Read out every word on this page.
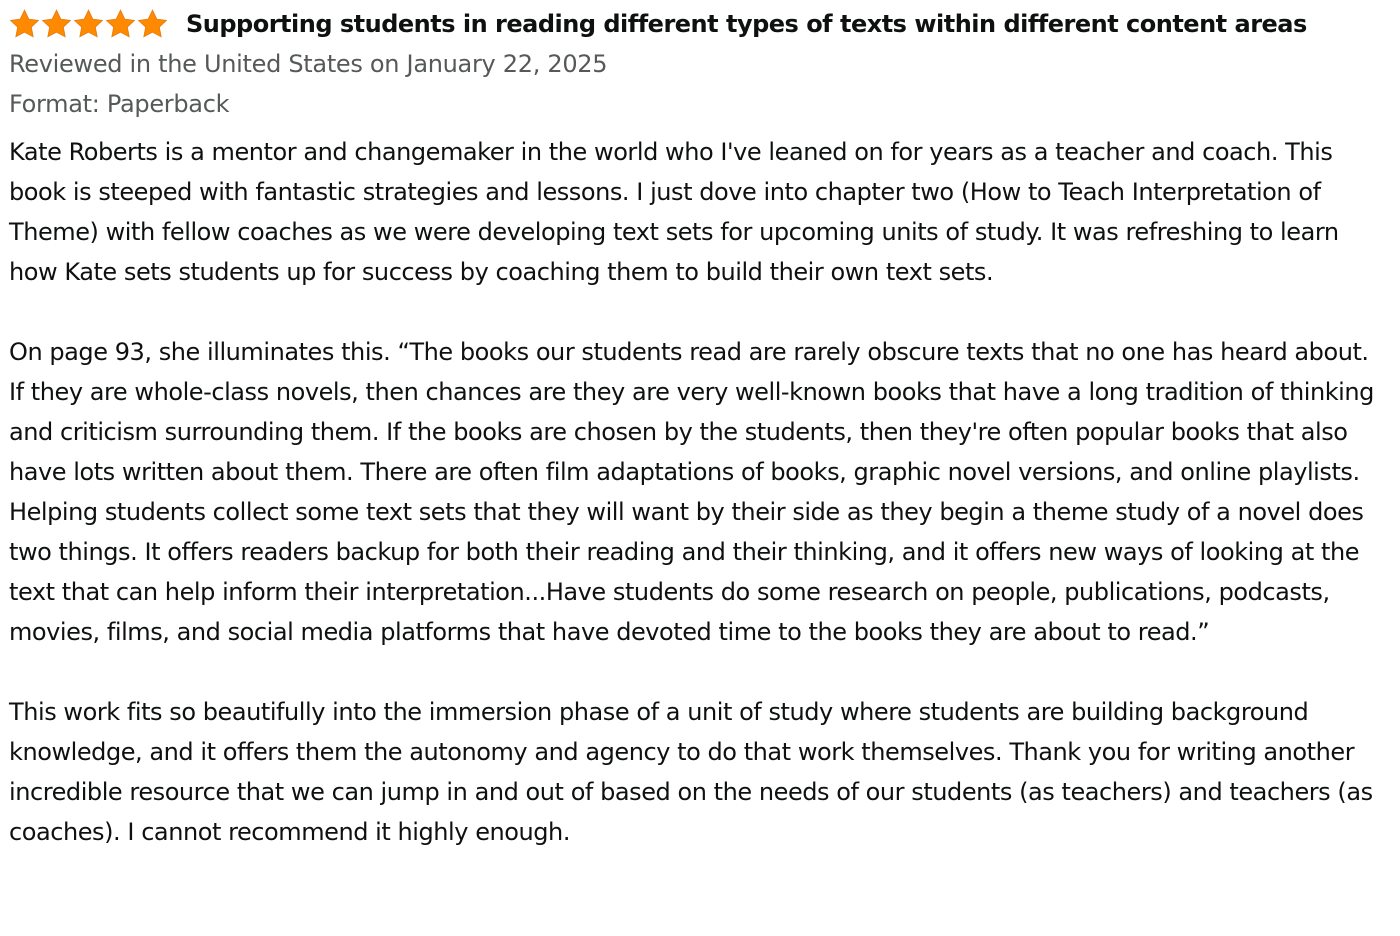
Supporting students in reading different types of texts within different content areas
Reviewed in the United States on January 22, 2025
Format: Paperback

Kate Roberts is a mentor and changemaker in the world who I've leaned on for years as a teacher and coach. This book is steeped with fantastic strategies and lessons. I just dove into chapter two (How to Teach Interpretation of Theme) with fellow coaches as we were developing text sets for upcoming units of study. It was refreshing to learn how Kate sets students up for success by coaching them to build their own text sets.

On page 93, she illuminates this. “The books our students read are rarely obscure texts that no one has heard about. If they are whole-class novels, then chances are they are very well-known books that have a long tradition of thinking and criticism surrounding them. If the books are chosen by the students, then they're often popular books that also have lots written about them. There are often film adaptations of books, graphic novel versions, and online playlists. Helping students collect some text sets that they will want by their side as they begin a theme study of a novel does two things. It offers readers backup for both their reading and their thinking, and it offers new ways of looking at the text that can help inform their interpretation...Have students do some research on people, publications, podcasts, movies, films, and social media platforms that have devoted time to the books they are about to read.”

This work fits so beautifully into the immersion phase of a unit of study where students are building background knowledge, and it offers them the autonomy and agency to do that work themselves. Thank you for writing another incredible resource that we can jump in and out of based on the needs of our students (as teachers) and teachers (as coaches). I cannot recommend it highly enough.
